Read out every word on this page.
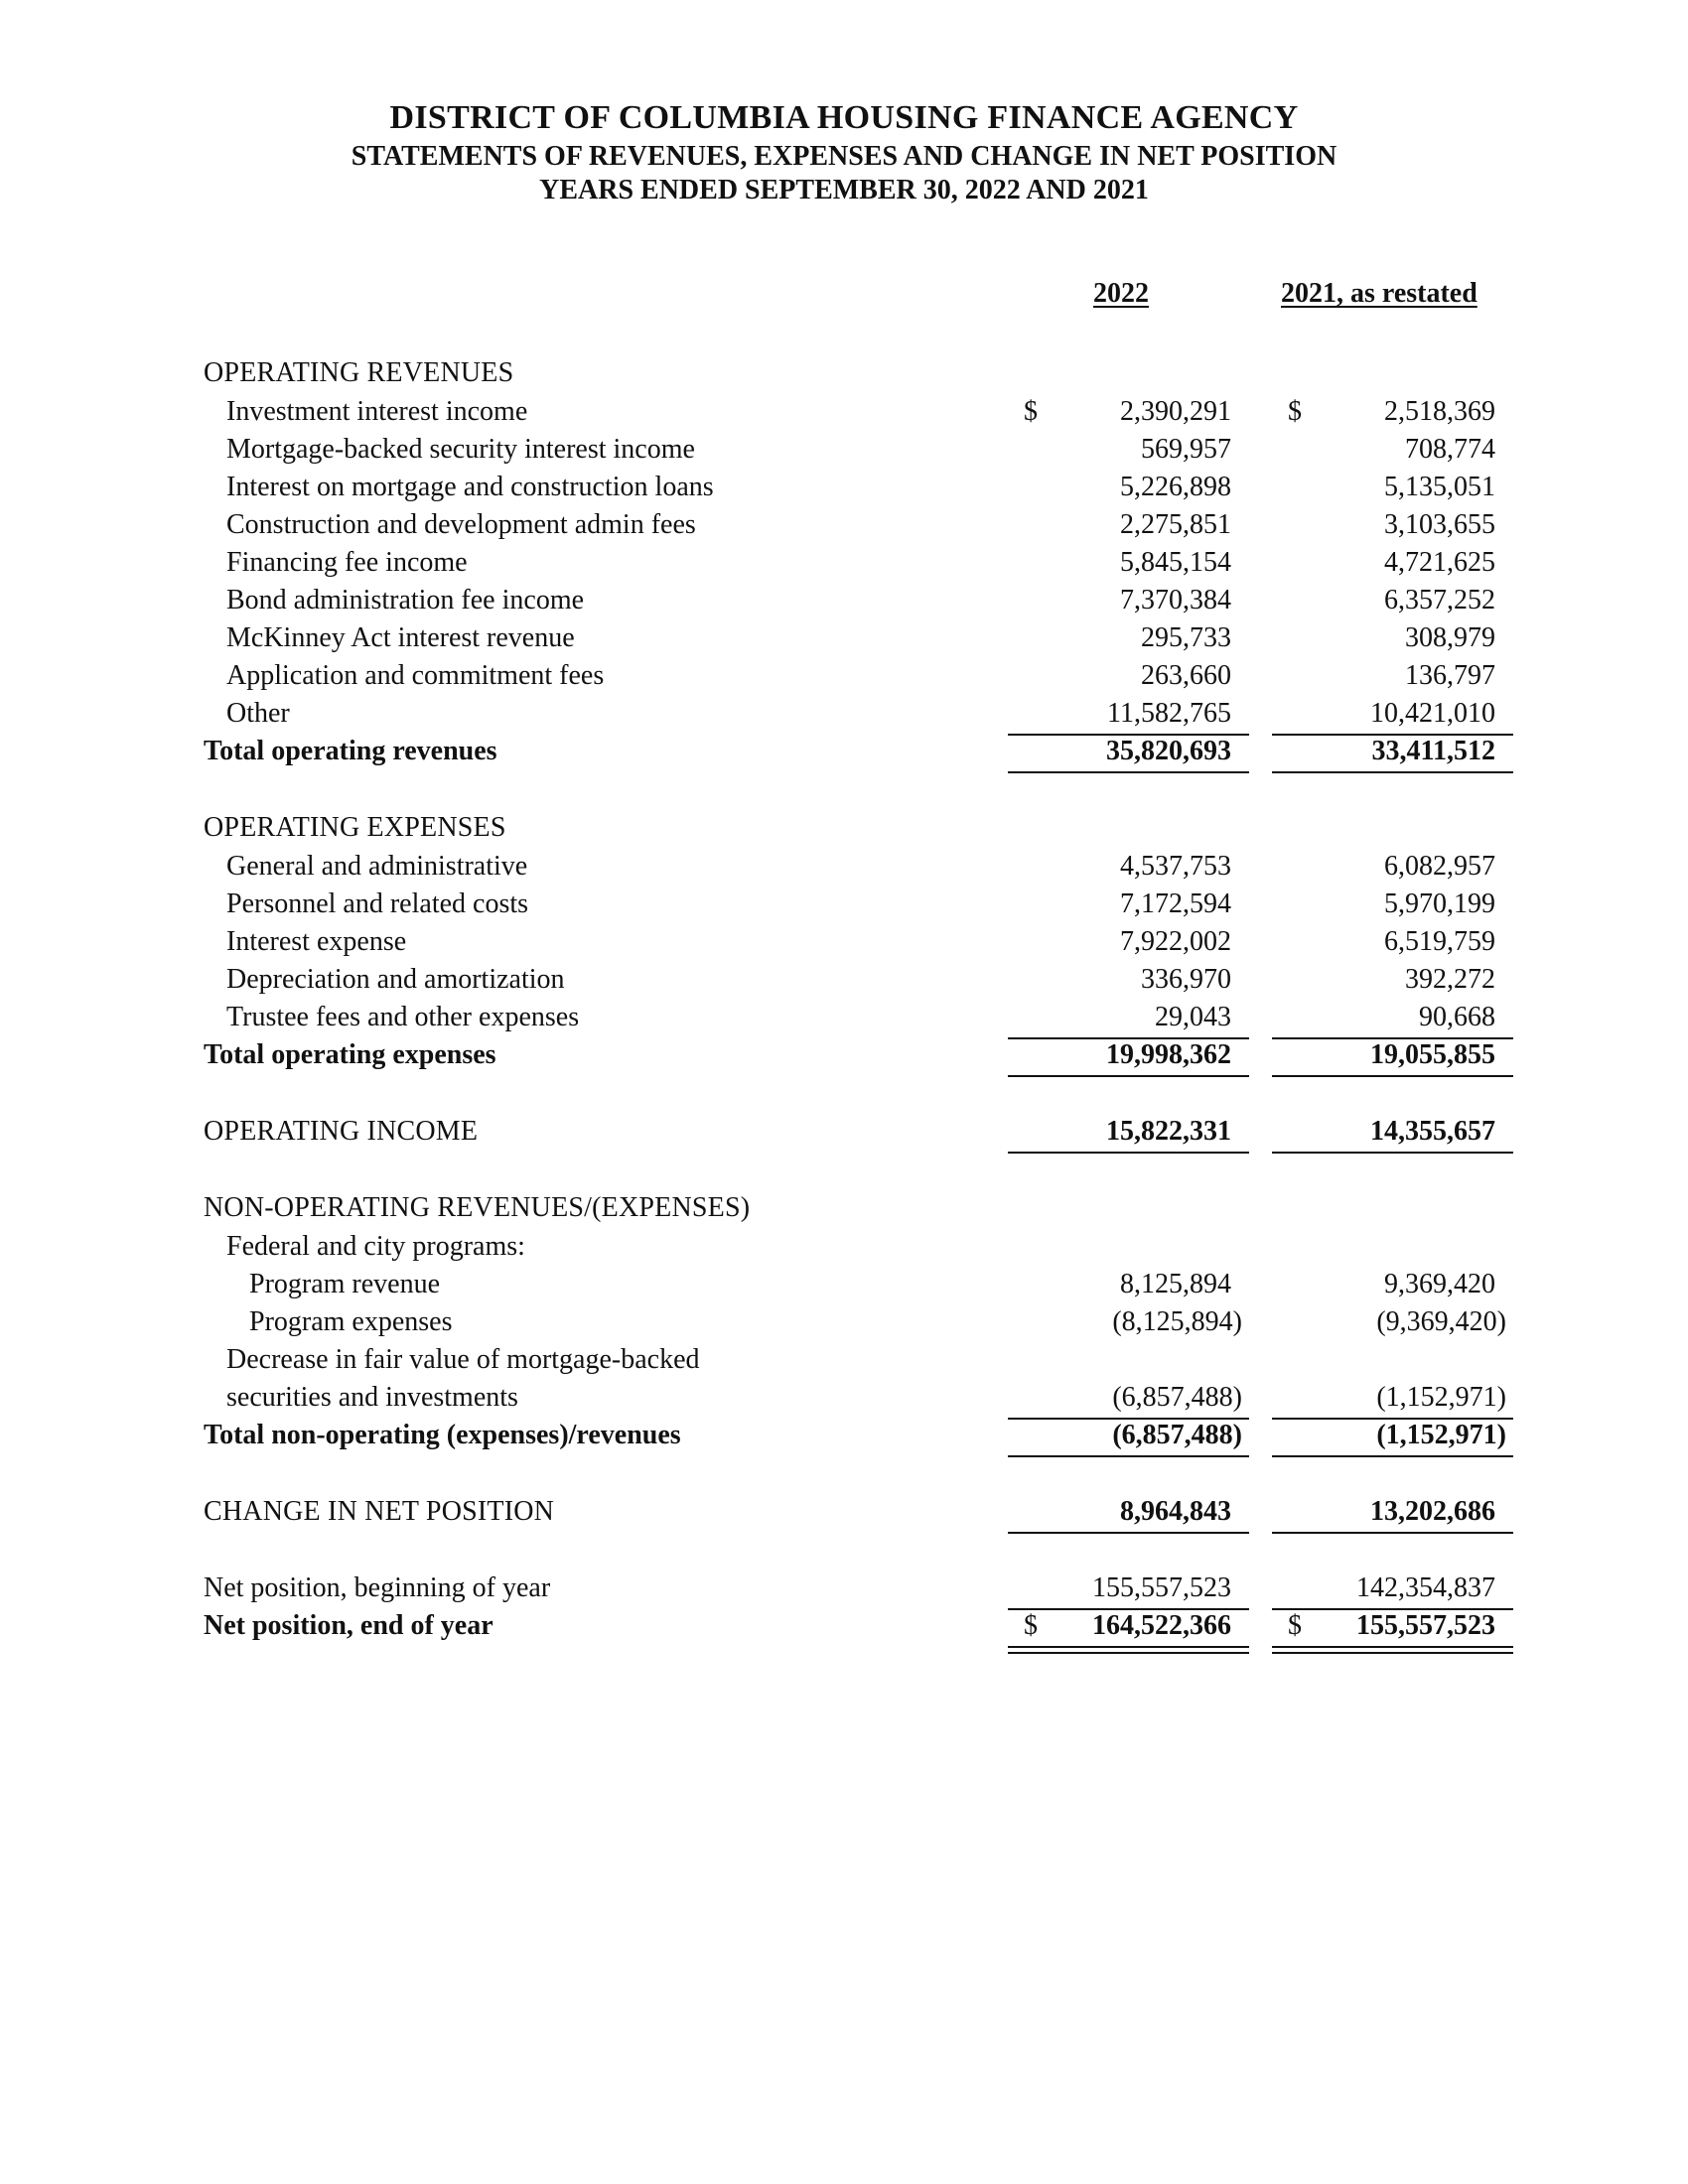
DISTRICT OF COLUMBIA HOUSING FINANCE AGENCY
STATEMENTS OF REVENUES, EXPENSES AND CHANGE IN NET POSITION
YEARS ENDED SEPTEMBER 30, 2022 AND 2021
2022	2021, as restated
OPERATING REVENUES
Investment interest income	$	2,390,291 $	2,518,369
Mortgage-backed security interest income	569,957	708,774
Interest on mortgage and construction loans	5,226,898	5,135,051
Construction and development admin fees	2,275,851	3,103,655
Financing fee income	5,845,154	4,721,625
Bond administration fee income	7,370,384	6,357,252
McKinney Act interest revenue	295,733	308,979
Application and commitment fees	263,660	136,797
Other	11,582,765	10,421,010
Total operating revenues	35,820,693	33,411,512
OPERATING EXPENSES
General and administrative	4,537,753	6,082,957
Personnel and related costs	7,172,594	5,970,199
Interest expense	7,922,002	6,519,759
Depreciation and amortization	336,970	392,272
Trustee fees and other expenses	29,043	90,668
Total operating expenses	19,998,362	19,055,855
OPERATING INCOME	15,822,331	14,355,657
NON-OPERATING REVENUES/(EXPENSES)
Federal and city programs:
Program revenue	8,125,894	9,369,420
Program expenses	(8,125,894)	(9,369,420)
Decrease in fair value of mortgage-backed
securities and investments	(6,857,488)	(1,152,971)
Total non-operating (expenses)/revenues	(6,857,488)	(1,152,971)
CHANGE IN NET POSITION	8,964,843	13,202,686
Net position, beginning of year	155,557,523	142,354,837
Net position, end of year	$ 164,522,366 $ 155,557,523
